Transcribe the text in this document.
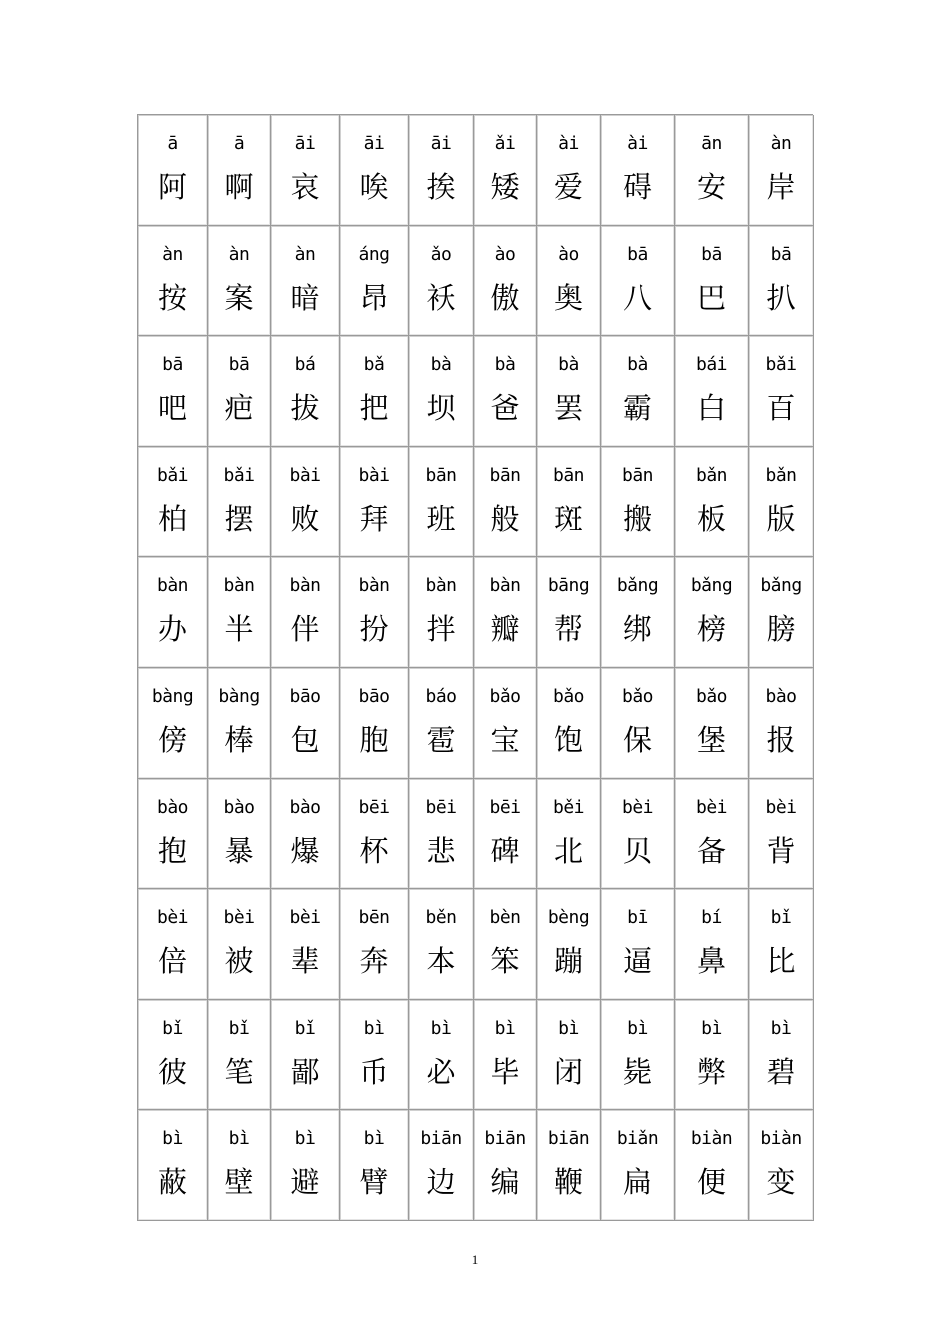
ā
阿
ā
啊
āi
哀
āi
唉
āi
挨
ǎi
矮
ài
爱
ài
碍
ān
安
àn
岸
àn
按
àn
案
àn
暗
áng
昂
ǎo
袄
ào
傲
ào
奥
bā
八
bā
巴
bā
扒
bā
吧
bā
疤
bá
拔
bǎ
把
bà
坝
bà
爸
bà
罢
bà
霸
bái
白
bǎi
百
bǎi
柏
bǎi
摆
bài
败
bài
拜
bān
班
bān
般
bān
斑
bān
搬
bǎn
板
bǎn
版
bàn
办
bàn
半
bàn
伴
bàn
扮
bàn
拌
bàn
瓣
bāng
帮
bǎng
绑
bǎng
榜
bǎng
膀
bàng
傍
bàng
棒
bāo
包
bāo
胞
báo
雹
bǎo
宝
bǎo
饱
bǎo
保
bǎo
堡
bào
报
bào
抱
bào
暴
bào
爆
bēi
杯
bēi
悲
bēi
碑
běi
北
bèi
贝
bèi
备
bèi
背
bèi
倍
bèi
被
bèi
辈
bēn
奔
běn
本
bèn
笨
bèng
蹦
bī
逼
bí
鼻
bǐ
比
bǐ
彼
bǐ
笔
bǐ
鄙
bì
币
bì
必
bì
毕
bì
闭
bì
毙
bì
弊
bì
碧
bì
蔽
bì
壁
bì
避
bì
臂
biān
边
biān
编
biān
鞭
biǎn
扁
biàn
便
biàn
变
1
